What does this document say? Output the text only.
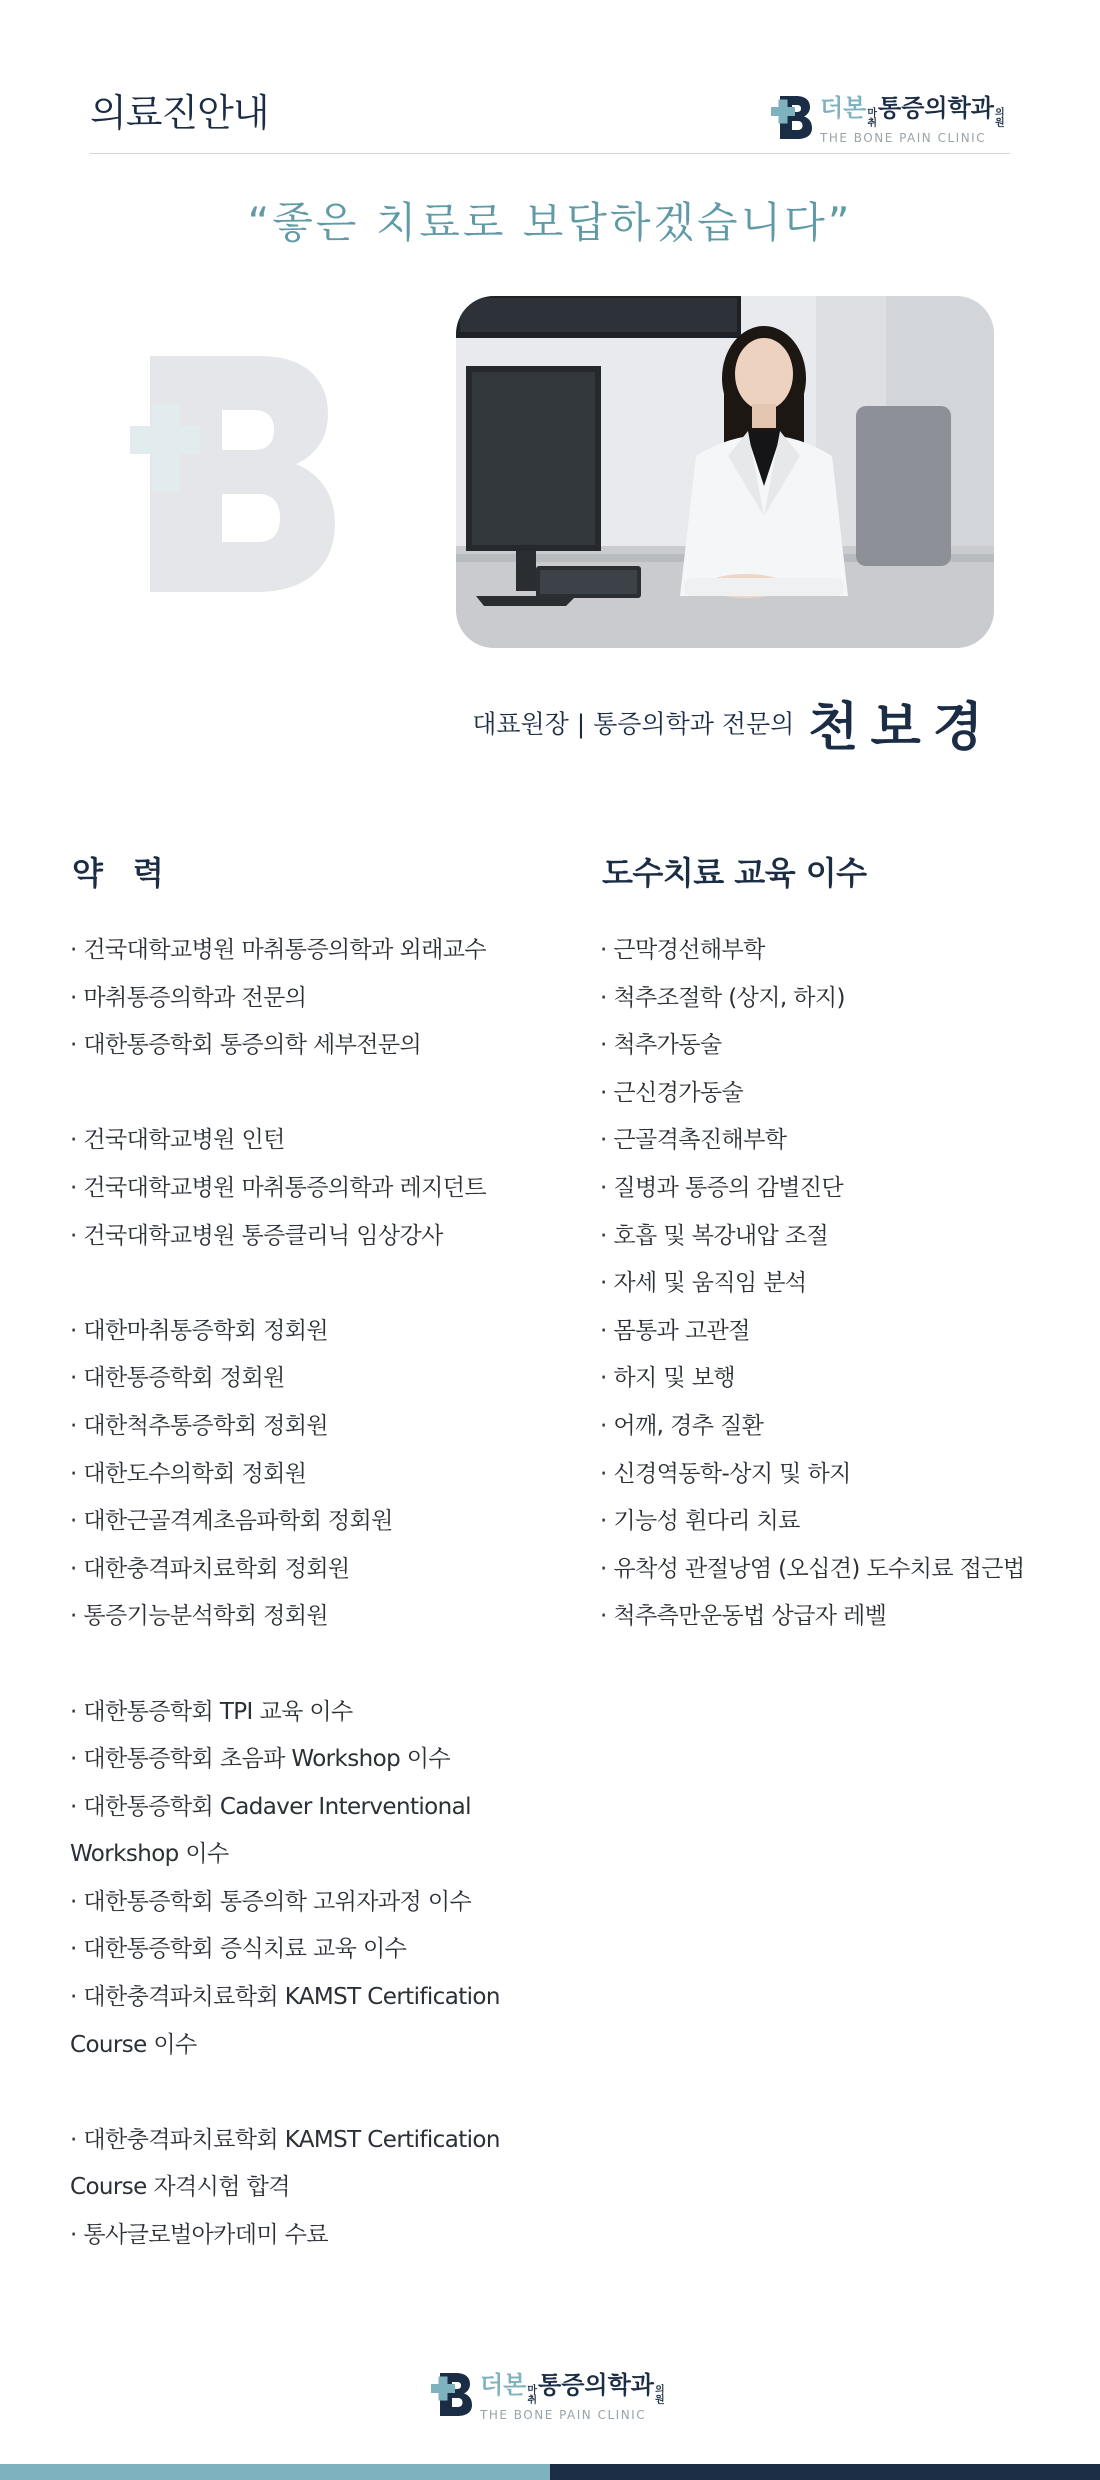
의료진안내	더본 마
취
통증의학과 의
원
THE BONE PAIN CLINIC
“좋은 치료로 보답하겠습니다”
대표원장 | 통증의학과 전문의 천보경
약력
· 건국대학교병원 마취통증의학과 외래교수
· 마취통증의학과 전문의
· 대한통증학회 통증의학 세부전문의
· 건국대학교병원 인턴
· 건국대학교병원 마취통증의학과 레지던트
· 건국대학교병원 통증클리닉 임상강사
· 대한마취통증학회 정회원
· 대한통증학회 정회원
· 대한척추통증학회 정회원
· 대한도수의학회 정회원
· 대한근골격계초음파학회 정회원
· 대한충격파치료학회 정회원
· 통증기능분석학회 정회원
· 대한통증학회 TPI 교육 이수
· 대한통증학회 초음파 Workshop 이수
· 대한통증학회 Cadaver Interventional
Workshop 이수
· 대한통증학회 통증의학 고위자과정 이수
· 대한통증학회 증식치료 교육 이수
· 대한충격파치료학회 KAMST Certification
Course 이수
· 대한충격파치료학회 KAMST Certification
Course 자격시험 합격
· 통사글로벌아카데미 수료
도수치료 교육 이수
· 근막경선해부학
· 척추조절학 (상지, 하지)
· 척추가동술
· 근신경가동술
· 근골격촉진해부학
· 질병과 통증의 감별진단
· 호흡 및 복강내압 조절
· 자세 및 움직임 분석
· 몸통과 고관절
· 하지 및 보행
· 어깨, 경추 질환
· 신경역동학-상지 및 하지
· 기능성 휜다리 치료
· 유착성 관절낭염 (오십견) 도수치료 접근법
· 척추측만운동법 상급자 레벨
더본 마
취
통증의학과 의
원
THE BONE PAIN CLINIC
